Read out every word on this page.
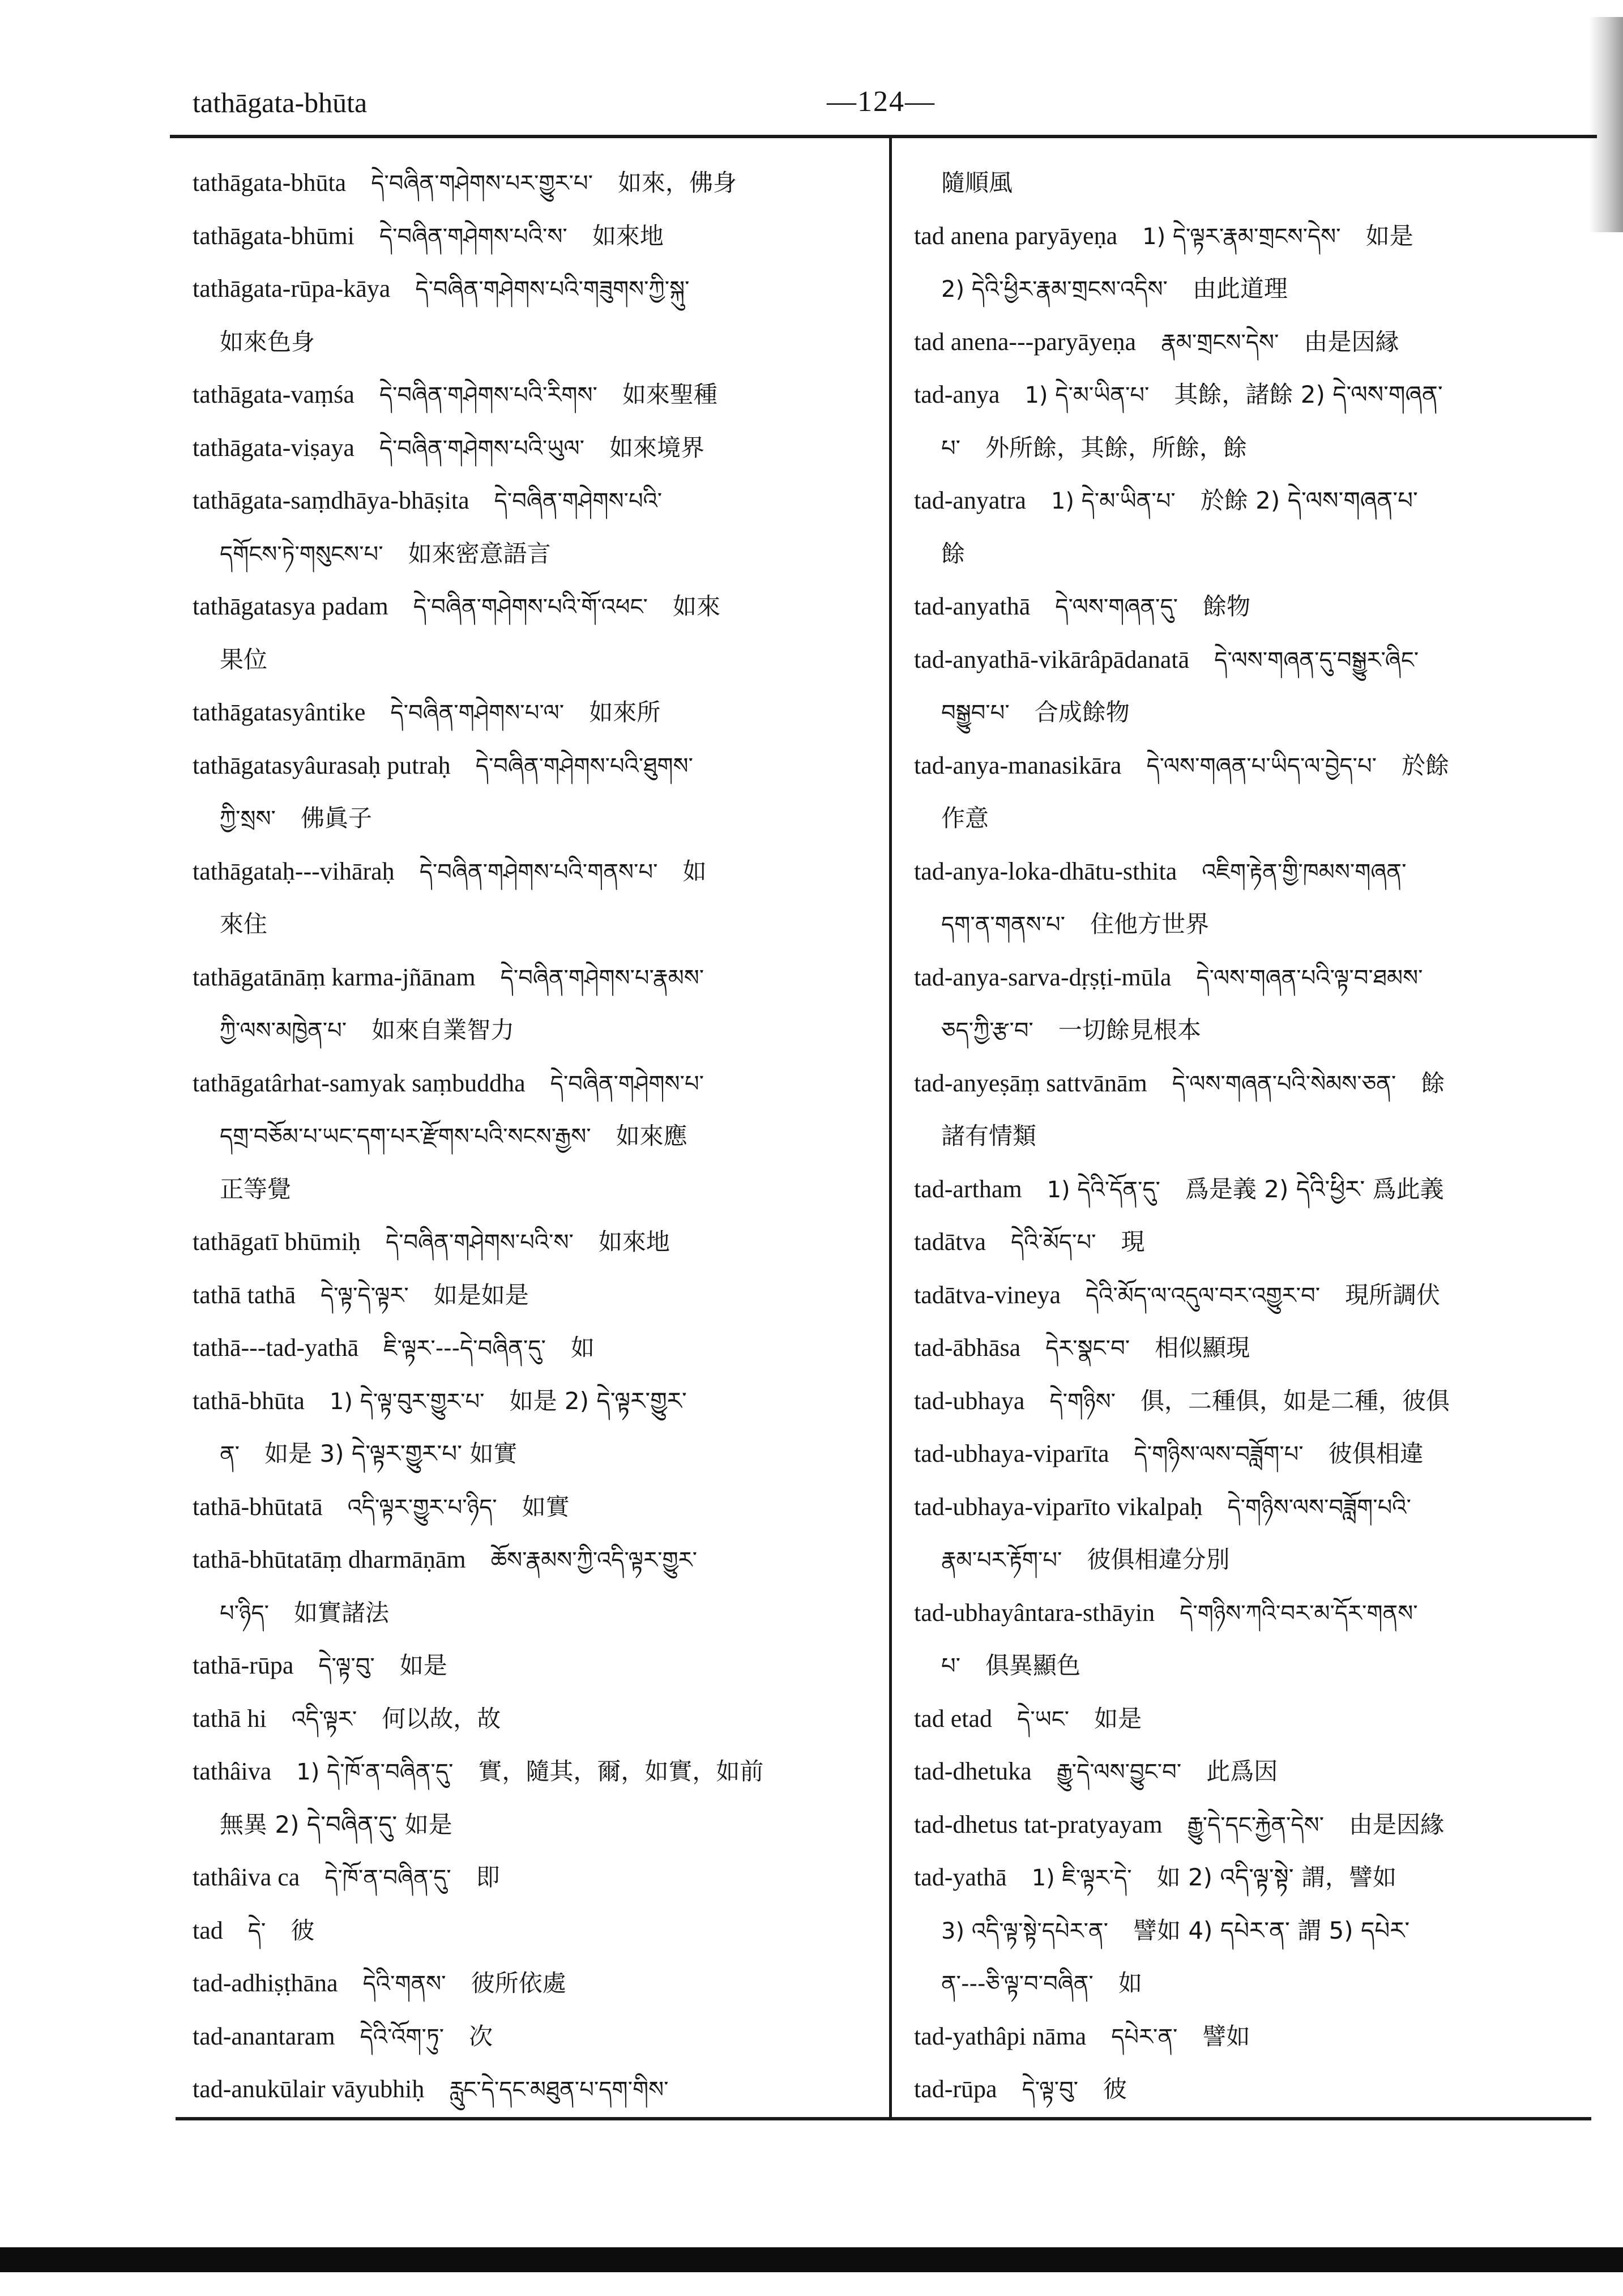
tathāgata-bhūta	—124—
tathāgata-bhūta  དེ་བཞིན་གཤེགས་པར་གྱུར་པ་  如來，佛身 
tathāgata-bhūmi  དེ་བཞིན་གཤེགས་པའི་ས་  如來地 
tathāgata-rūpa-kāya  དེ་བཞིན་གཤེགས་པའི་གཟུགས་ཀྱི་སྐུ་ 
如來色身 
tathāgata-vaṃśa  དེ་བཞིན་གཤེགས་པའི་རིགས་  如來聖種 
tathāgata-viṣaya  དེ་བཞིན་གཤེགས་པའི་ཡུལ་  如來境界 
tathāgata-saṃdhāya-bhāṣita  དེ་བཞིན་གཤེགས་པའི་ 
དགོངས་ཏེ་གསུངས་པ་  如來密意語言 
tathāgatasya padam  དེ་བཞིན་གཤེགས་པའི་གོ་འཕང་  如來 
果位 
tathāgatasyântike  དེ་བཞིན་གཤེགས་པ་ལ་  如來所 
tathāgatasyâurasaḥ putraḥ  དེ་བཞིན་གཤེགས་པའི་ཐུགས་ 
ཀྱི་སྲས་  佛眞子 
tathāgataḥ---vihāraḥ  དེ་བཞིན་གཤེགས་པའི་གནས་པ་  如 
來住 
tathāgatānāṃ karma-jñānam  དེ་བཞིན་གཤེགས་པ་རྣམས་ 
ཀྱི་ལས་མཁྱེན་པ་  如來自業智力 
tathāgatârhat-samyak saṃbuddha  དེ་བཞིན་གཤེགས་པ་ 
དགྲ་བཅོམ་པ་ཡང་དག་པར་རྫོགས་པའི་སངས་རྒྱས་  如來應 
正等覺 
tathāgatī bhūmiḥ  དེ་བཞིན་གཤེགས་པའི་ས་  如來地 
tathā tathā  དེ་ལྟ་དེ་ལྟར་  如是如是 
tathā---tad-yathā  ཇི་ལྟར་---དེ་བཞིན་དུ་  如 
tathā-bhūta  1) དེ་ལྟ་བུར་གྱུར་པ་  如是 2) དེ་ལྟར་གྱུར་ 
ན་  如是 3) དེ་ལྟར་གྱུར་པ་ 如實 
tathā-bhūtatā  འདི་ལྟར་གྱུར་པ་ཉིད་  如實 
tathā-bhūtatāṃ dharmāṇām  ཆོས་རྣམས་ཀྱི་འདི་ལྟར་གྱུར་ 
པ་ཉིད་  如實諸法 
tathā-rūpa  དེ་ལྟ་བུ་  如是 
tathā hi  འདི་ལྟར་  何以故，故 
tathâiva  1) དེ་ཁོ་ན་བཞིན་དུ་  實，隨其，爾，如實，如前 
無異 2) དེ་བཞིན་དུ་ 如是 
tathâiva ca  དེ་ཁོ་ན་བཞིན་དུ་  即 
tad  དེ་  彼 
tad-adhiṣṭhāna  དེའི་གནས་  彼所依處 
tad-anantaram  དེའི་འོག་ཏུ་  次 
tad-anukūlair vāyubhiḥ  རླུང་དེ་དང་མཐུན་པ་དག་གིས་ 
隨順風 
tad anena paryāyeṇa  1) དེ་ལྟར་རྣམ་གྲངས་དེས་  如是 
2) དེའི་ཕྱིར་རྣམ་གྲངས་འདིས་  由此道理 
tad anena---paryāyeṇa  རྣམ་གྲངས་དེས་  由是因縁 
tad-anya  1) དེ་མ་ཡིན་པ་  其餘，諸餘 2) དེ་ལས་གཞན་ 
པ་  外所餘，其餘，所餘，餘 
tad-anyatra  1) དེ་མ་ཡིན་པ་  於餘 2) དེ་ལས་གཞན་པ་ 
餘 
tad-anyathā  དེ་ལས་གཞན་དུ་  餘物 
tad-anyathā-vikārâpādanatā  དེ་ལས་གཞན་དུ་བསྒྱུར་ཞིང་ 
བསྒྱུབ་པ་  合成餘物 
tad-anya-manasikāra  དེ་ལས་གཞན་པ་ཡིད་ལ་བྱེད་པ་  於餘 
作意 
tad-anya-loka-dhātu-sthita  འཇིག་རྟེན་གྱི་ཁམས་གཞན་ 
དག་ན་གནས་པ་  住他方世界 
tad-anya-sarva-dṛṣṭi-mūla  དེ་ལས་གཞན་པའི་ལྟ་བ་ཐམས་ 
ཅད་ཀྱི་རྩ་བ་  一切餘見根本 
tad-anyeṣāṃ sattvānām  དེ་ལས་གཞན་པའི་སེམས་ཅན་  餘 
諸有情類 
tad-artham  1) དེའི་དོན་དུ་  爲是義 2) དེའི་ཕྱིར་ 爲此義 
tadātva  དེའི་མོད་པ་  現 
tadātva-vineya  དེའི་མོད་ལ་འདུལ་བར་འགྱུར་བ་  現所調伏 
tad-ābhāsa  དེར་སྣང་བ་  相似顯現 
tad-ubhaya  དེ་གཉིས་  俱，二種俱，如是二種，彼俱 
tad-ubhaya-viparīta  དེ་གཉིས་ལས་བཟློག་པ་  彼俱相違 
tad-ubhaya-viparīto vikalpaḥ  དེ་གཉིས་ལས་བཟློག་པའི་ 
རྣམ་པར་རྟོག་པ་  彼俱相違分別 
tad-ubhayântara-sthāyin  དེ་གཉིས་ཀའི་བར་མ་དོར་གནས་ 
པ་  俱異顯色 
tad etad  དེ་ཡང་  如是 
tad-dhetuka  རྒྱུ་དེ་ལས་བྱུང་བ་  此爲因 
tad-dhetus tat-pratyayam  རྒྱུ་དེ་དང་རྐྱེན་དེས་  由是因緣 
tad-yathā  1) ཇི་ལྟར་དེ་  如 2) འདི་ལྟ་སྟེ་ 謂，譬如 
3) འདི་ལྟ་སྟེ་དཔེར་ན་  譬如 4) དཔེར་ན་ 謂 5) དཔེར་ 
ན་---ཅི་ལྟ་བ་བཞིན་  如 
tad-yathâpi nāma  དཔེར་ན་  譬如 
tad-rūpa  དེ་ལྟ་བུ་  彼 
